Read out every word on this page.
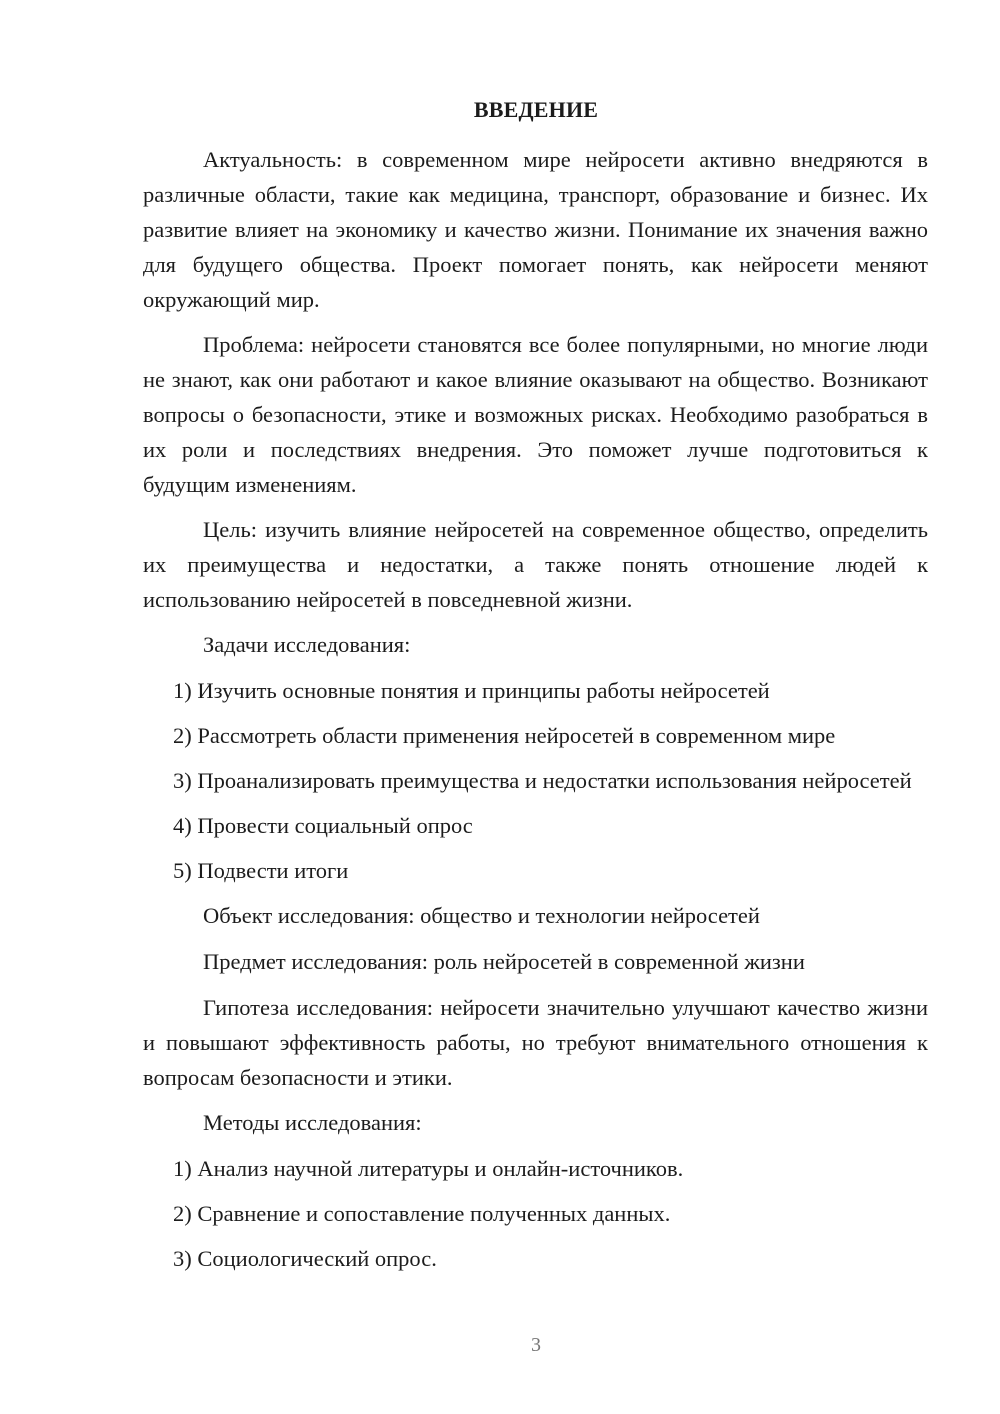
ВВЕДЕНИЕ

Актуальность: в современном мире нейросети активно внедряются в различные области, такие как медицина, транспорт, образование и бизнес. Их развитие влияет на экономику и качество жизни. Понимание их значения важно для будущего общества. Проект помогает понять, как нейросети меняют окружающий мир.

Проблема: нейросети становятся все более популярными, но многие люди не знают, как они работают и какое влияние оказывают на общество. Возникают вопросы о безопасности, этике и возможных рисках. Необходимо разобраться в их роли и последствиях внедрения. Это поможет лучше подготовиться к будущим изменениям.

Цель: изучить влияние нейросетей на современное общество, определить их преимущества и недостатки, а также понять отношение людей к использованию нейросетей в повседневной жизни.

Задачи исследования:

1) Изучить основные понятия и принципы работы нейросетей

2) Рассмотреть области применения нейросетей в современном мире

3) Проанализировать преимущества и недостатки использования нейросетей

4) Провести социальный опрос

5) Подвести итоги

Объект исследования: общество и технологии нейросетей

Предмет исследования: роль нейросетей в современной жизни

Гипотеза исследования: нейросети значительно улучшают качество жизни и повышают эффективность работы, но требуют внимательного отношения к вопросам безопасности и этики.

Методы исследования:

1) Анализ научной литературы и онлайн-источников.

2) Сравнение и сопоставление полученных данных.

3) Социологический опрос.

3
